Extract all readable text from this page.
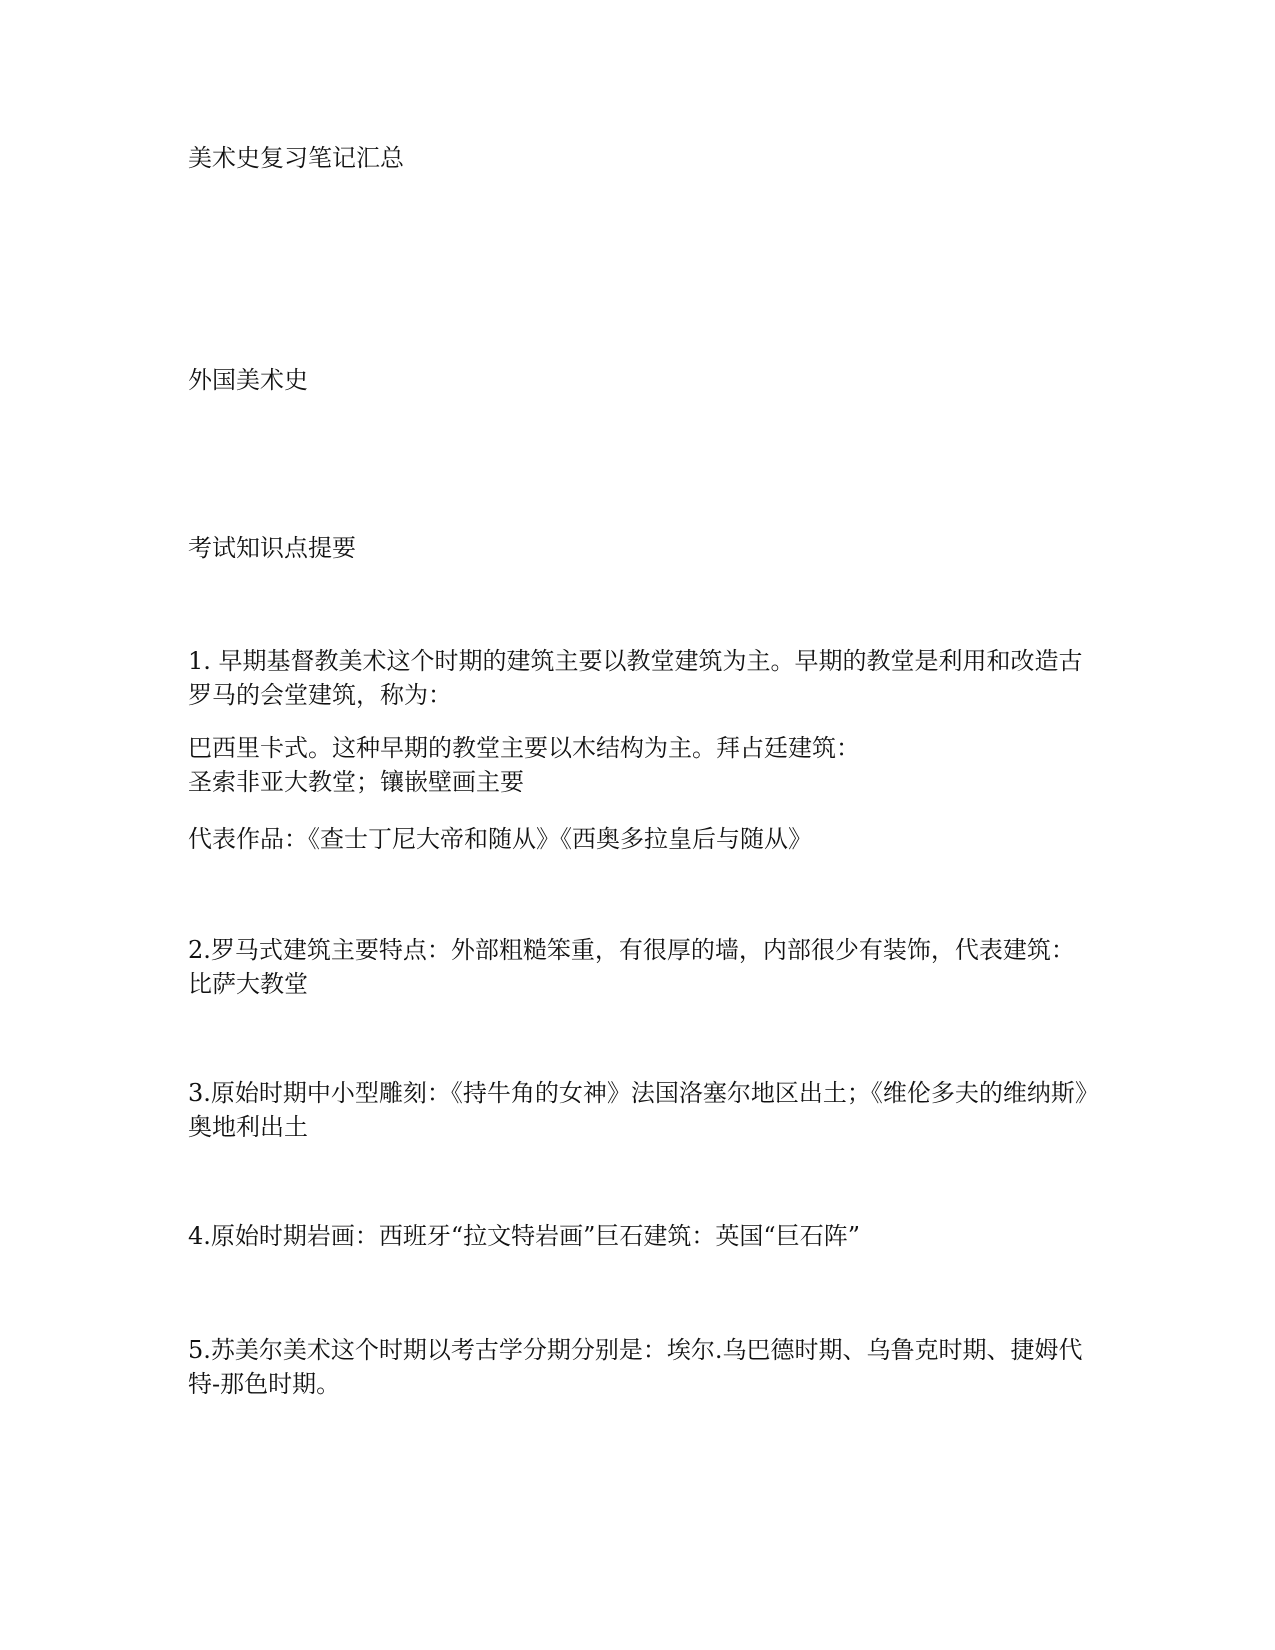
美术史复习笔记汇总

外国美术史

考试知识点提要

1. 早期基督教美术这个时期的建筑主要以教堂建筑为主。早期的教堂是利用和改造古罗马的会堂建筑，称为：

巴西里卡式。这种早期的教堂主要以木结构为主。拜占廷建筑：
圣索非亚大教堂；镶嵌壁画主要

代表作品：《查士丁尼大帝和随从》《西奥多拉皇后与随从》

2.罗马式建筑主要特点：外部粗糙笨重，有很厚的墙，内部很少有装饰，代表建筑：比萨大教堂

3.原始时期中小型雕刻：《持牛角的女神》法国洛塞尔地区出土；《维伦多夫的维纳斯》奥地利出土

4.原始时期岩画：西班牙“拉文特岩画”巨石建筑：英国“巨石阵”

5.苏美尔美术这个时期以考古学分期分别是：埃尔.乌巴德时期、乌鲁克时期、捷姆代特-那色时期。
